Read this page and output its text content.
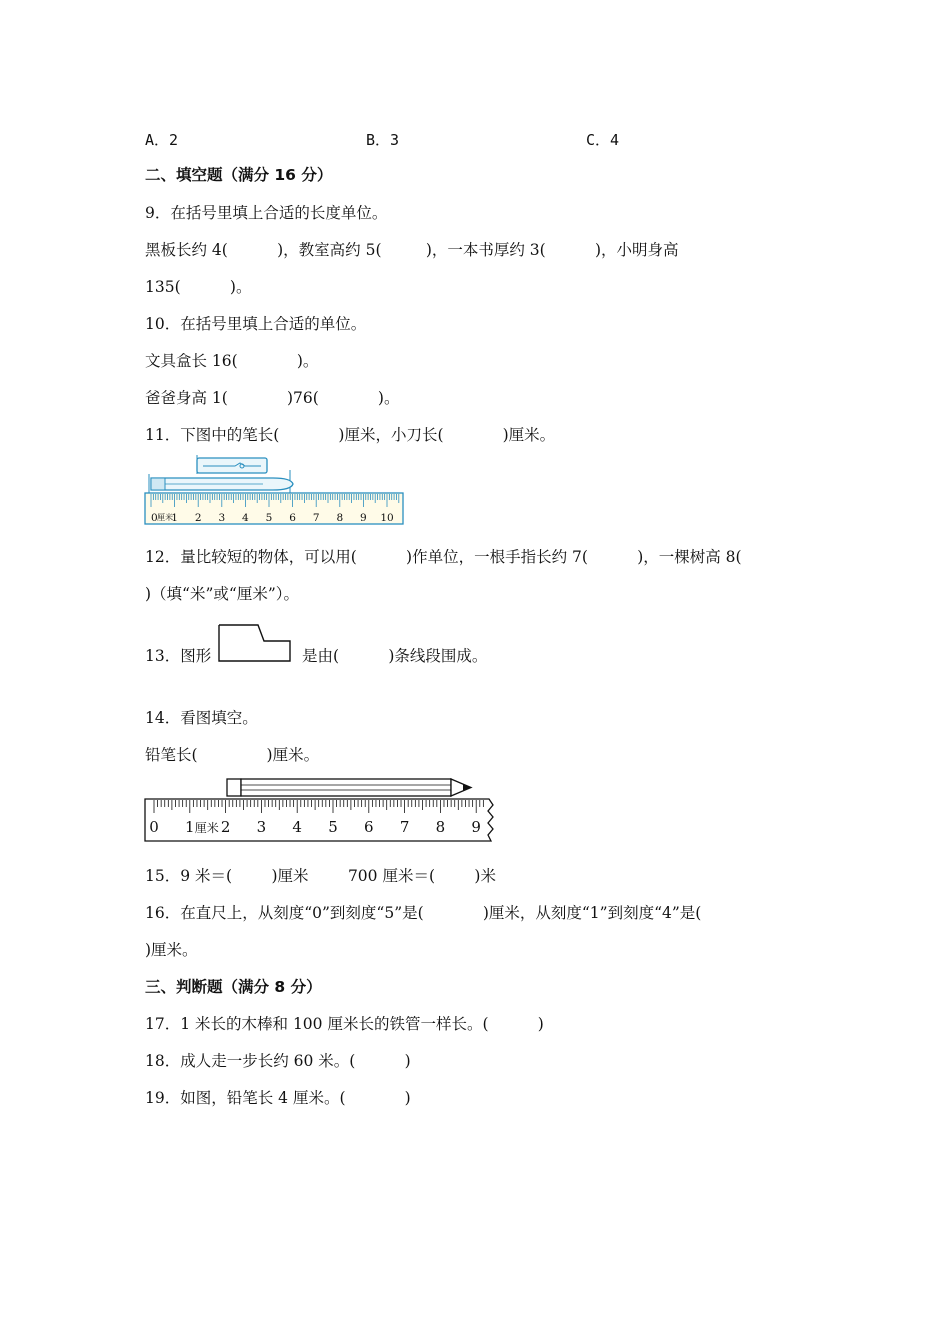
A．2	B．3	C．4
二、填空题（满分 16 分）
9．在括号里填上合适的长度单位。
黑板长约 4(          )，教室高约 5(         )，一本书厚约 3(          )，小明身高
135(          )。
10．在括号里填上合适的单位。
文具盒长 16(            )。
爸爸身高 1(            )76(            )。
11．下图中的笔长(            )厘米，小刀长(            )厘米。
0 1 2 3 4 5 6 7 8 9 10
厘米
12．量比较短的物体，可以用(          )作单位，一根手指长约 7(          )，一棵树高 8(
)（填“米”或“厘米”）。
13．图形	是由(          )条线段围成。
14．看图填空。
铅笔长(              )厘米。
0 1 2 3 4 5 6 7 8 9
厘米
15．9 米＝(        )厘米        700 厘米＝(        )米
16．在直尺上，从刻度“0”到刻度“5”是(            )厘米，从刻度“1”到刻度“4”是(
)厘米。
三、判断题（满分 8 分）
17．1 米长的木棒和 100 厘米长的铁管一样长。(          )
18．成人走一步长约 60 米。(          )
19．如图，铅笔长 4 厘米。(            )
